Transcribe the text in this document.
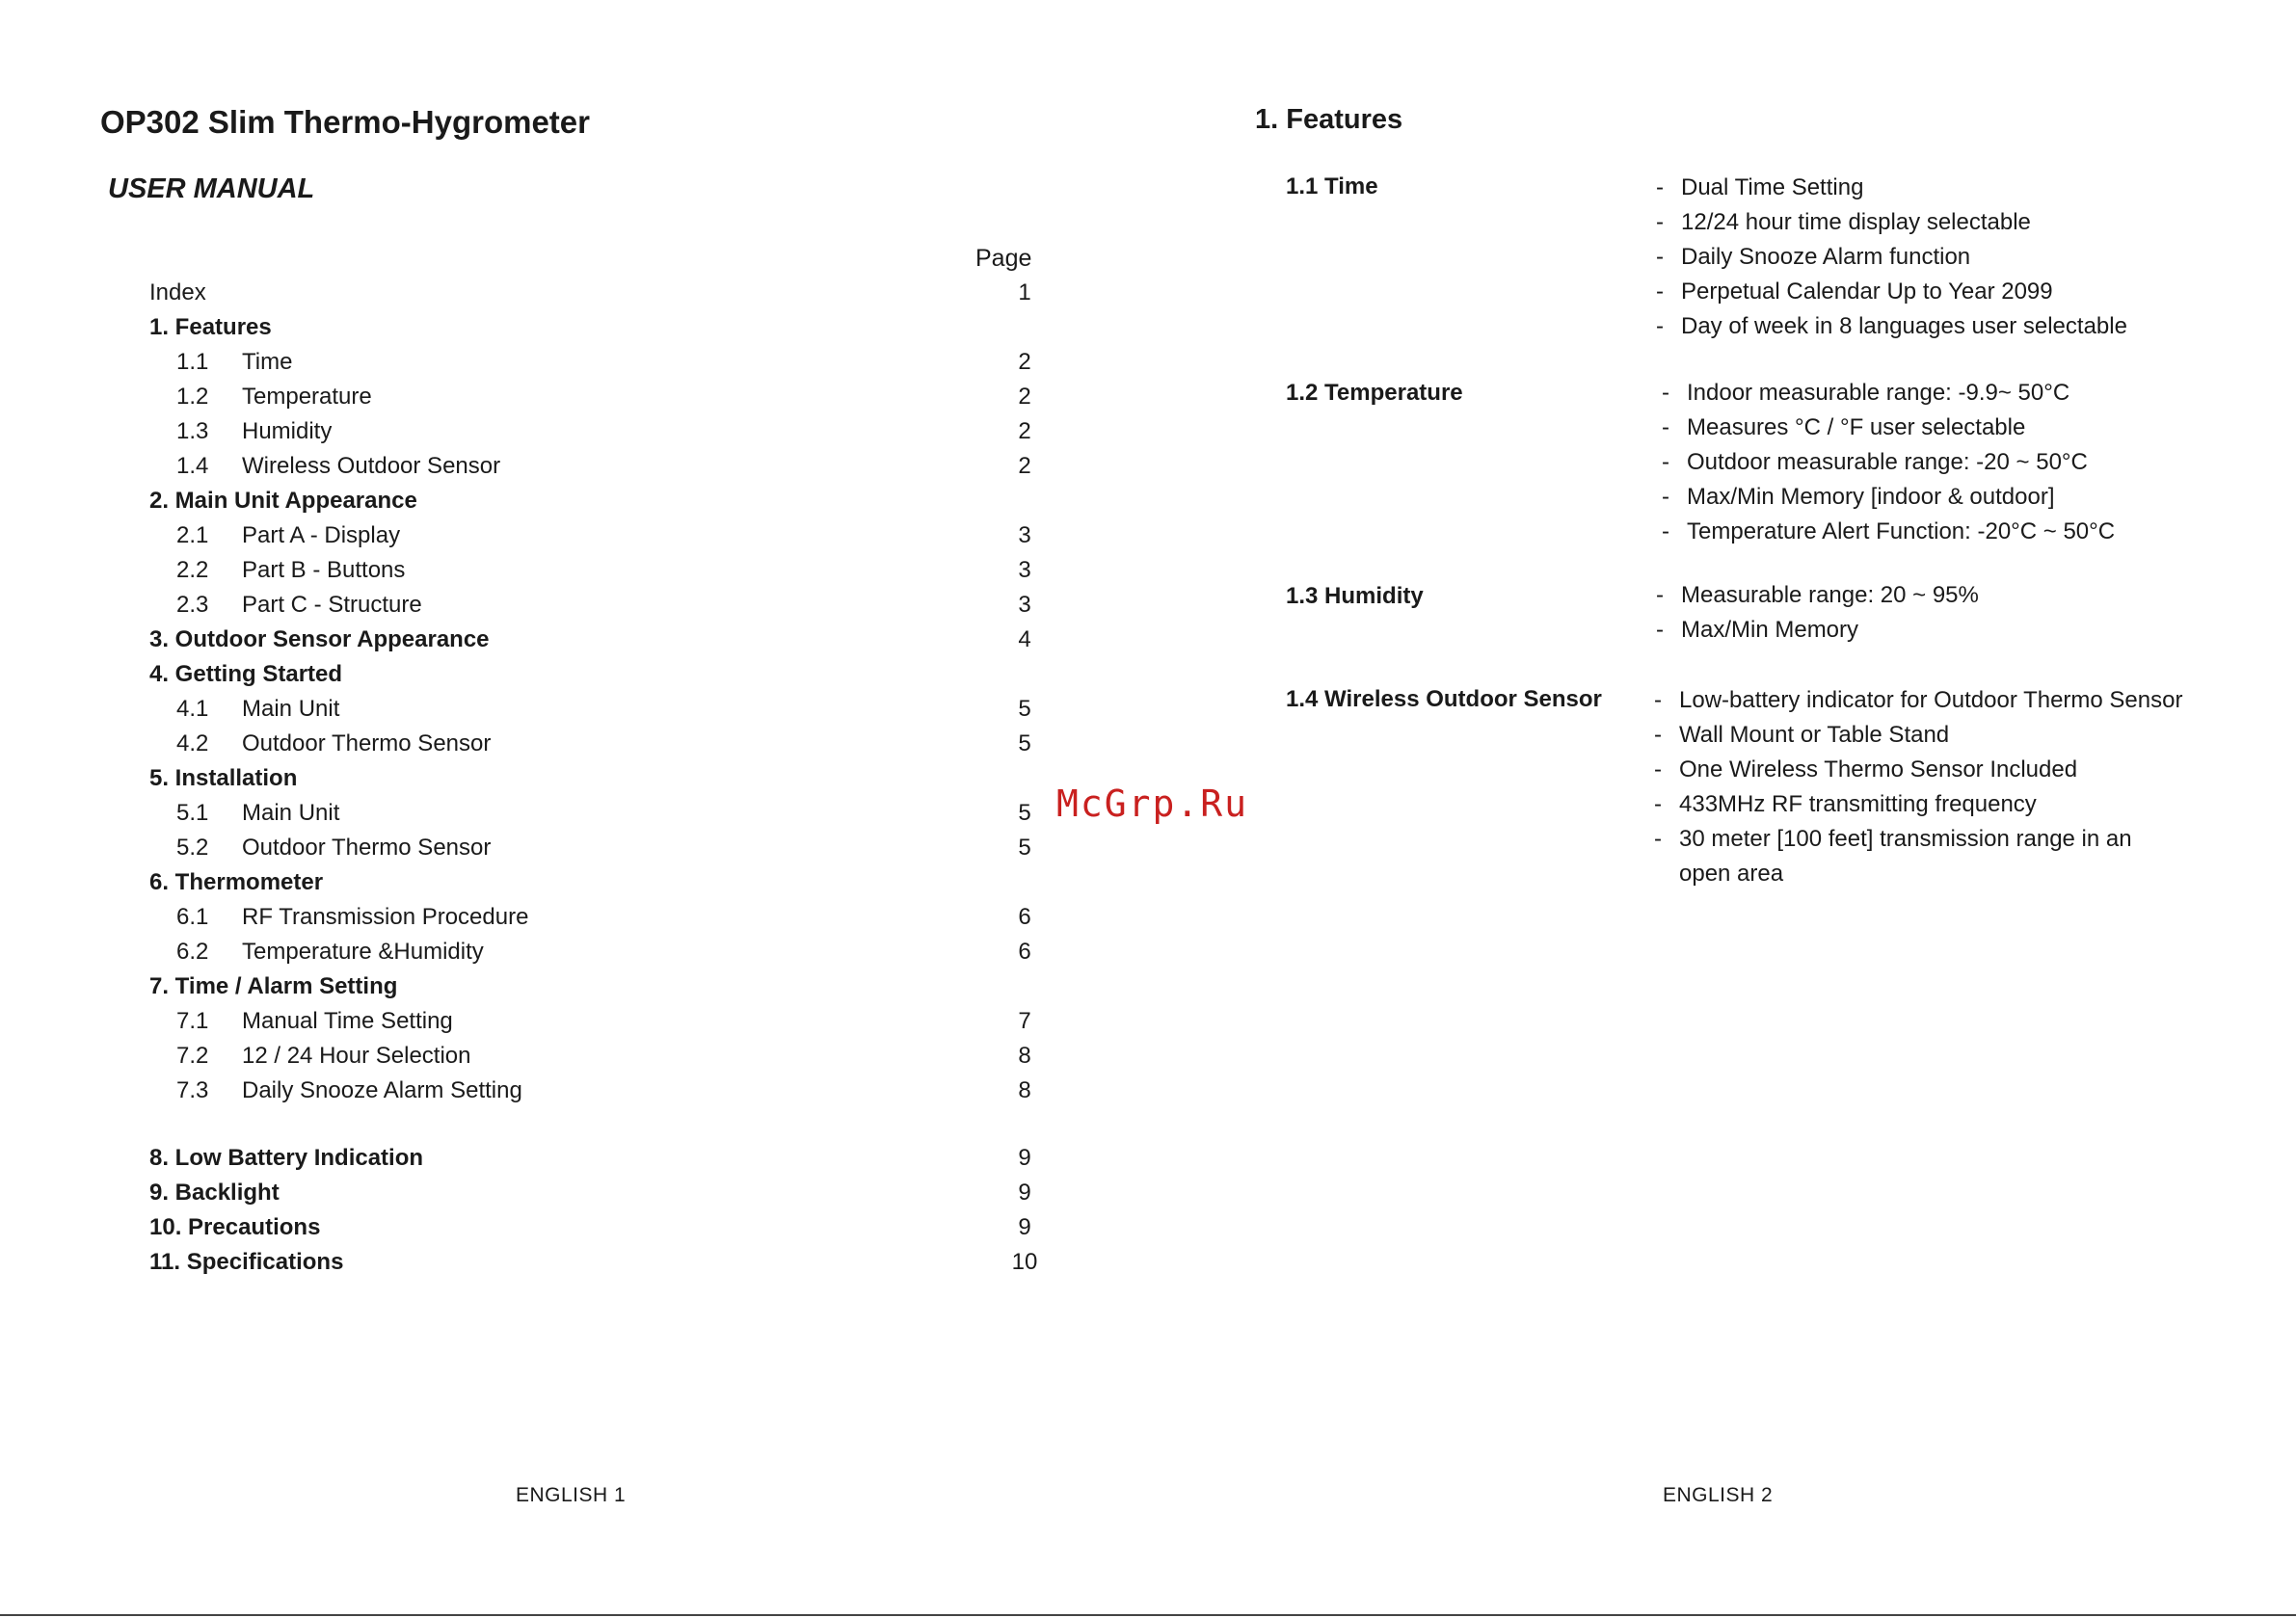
OP302 Slim Thermo-Hygrometer
USER MANUAL
Page
Index	1
1. Features
1.1 Time	2
1.2 Temperature	2
1.3 Humidity	2
1.4 Wireless Outdoor Sensor	2
2. Main Unit Appearance
2.1 Part A - Display	3
2.2 Part B - Buttons	3
2.3 Part C - Structure	3
3. Outdoor Sensor Appearance	4
4. Getting Started
4.1 Main Unit	5
4.2 Outdoor Thermo Sensor	5
5. Installation
5.1 Main Unit	5
5.2 Outdoor Thermo Sensor	5
6. Thermometer
6.1 RF Transmission Procedure	6
6.2 Temperature &Humidity	6
7. Time / Alarm Setting
7.1 Manual Time Setting	7
7.2 12 / 24 Hour Selection	8
7.3 Daily Snooze Alarm Setting	8
8. Low Battery Indication	9
9. Backlight	9
10. Precautions	9
11. Specifications	10
ENGLISH 1
McGrp.Ru
1. Features
1.1 Time	- Dual Time Setting
- 12/24 hour time display selectable
- Daily Snooze Alarm function
- Perpetual Calendar Up to Year 2099
- Day of week in 8 languages user selectable
1.2 Temperature	- Indoor measurable range: -9.9~ 50°C
- Measures °C / °F user selectable
- Outdoor measurable range: -20 ~ 50°C
- Max/Min Memory [indoor & outdoor]
- Temperature Alert Function: -20°C ~ 50°C
1.3 Humidity	- Measurable range: 20 ~ 95%
- Max/Min Memory
1.4 Wireless Outdoor Sensor - Low-battery indicator for Outdoor Thermo Sensor
- Wall Mount or Table Stand
- One Wireless Thermo Sensor Included
- 433MHz RF transmitting frequency
- 30 meter [100 feet] transmission range in an
open area
ENGLISH 2
